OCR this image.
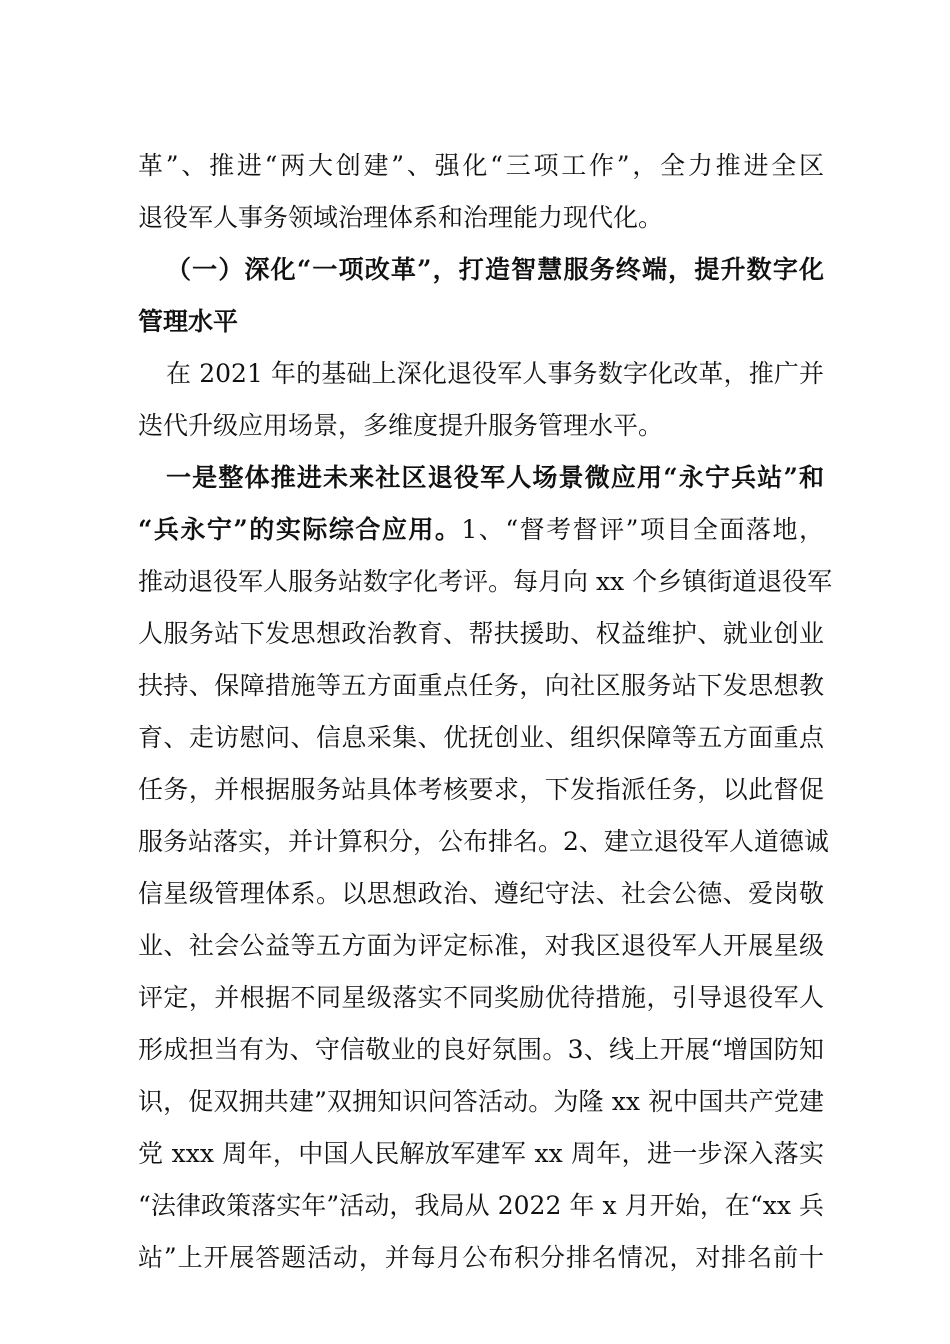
革”、推进“两大创建”、强化“三项工作”，全力推进全区
退役军人事务领域治理体系和治理能力现代化。
（一）深化“一项改革”，打造智慧服务终端，提升数字化
管理水平
在 2021 年的基础上深化退役军人事务数字化改革，推广并
迭代升级应用场景，多维度提升服务管理水平。
一是整体推进未来社区退役军人场景微应用“永宁兵站”和
“兵永宁”的实际综合应用。1、“督考督评”项目全面落地，
推动退役军人服务站数字化考评。每月向 xx 个乡镇街道退役军
人服务站下发思想政治教育、帮扶援助、权益维护、就业创业
扶持、保障措施等五方面重点任务，向社区服务站下发思想教
育、走访慰问、信息采集、优抚创业、组织保障等五方面重点
任务，并根据服务站具体考核要求，下发指派任务，以此督促
服务站落实，并计算积分，公布排名。2、建立退役军人道德诚
信星级管理体系。以思想政治、遵纪守法、社会公德、爱岗敬
业、社会公益等五方面为评定标准，对我区退役军人开展星级
评定，并根据不同星级落实不同奖励优待措施，引导退役军人
形成担当有为、守信敬业的良好氛围。3、线上开展“增国防知
识，促双拥共建”双拥知识问答活动。为隆 xx 祝中国共产党建
党 xxx 周年，中国人民解放军建军 xx 周年，进一步深入落实
“法律政策落实年”活动，我局从 2022 年 x 月开始，在“xx 兵
站”上开展答题活动，并每月公布积分排名情况，对排名前十
